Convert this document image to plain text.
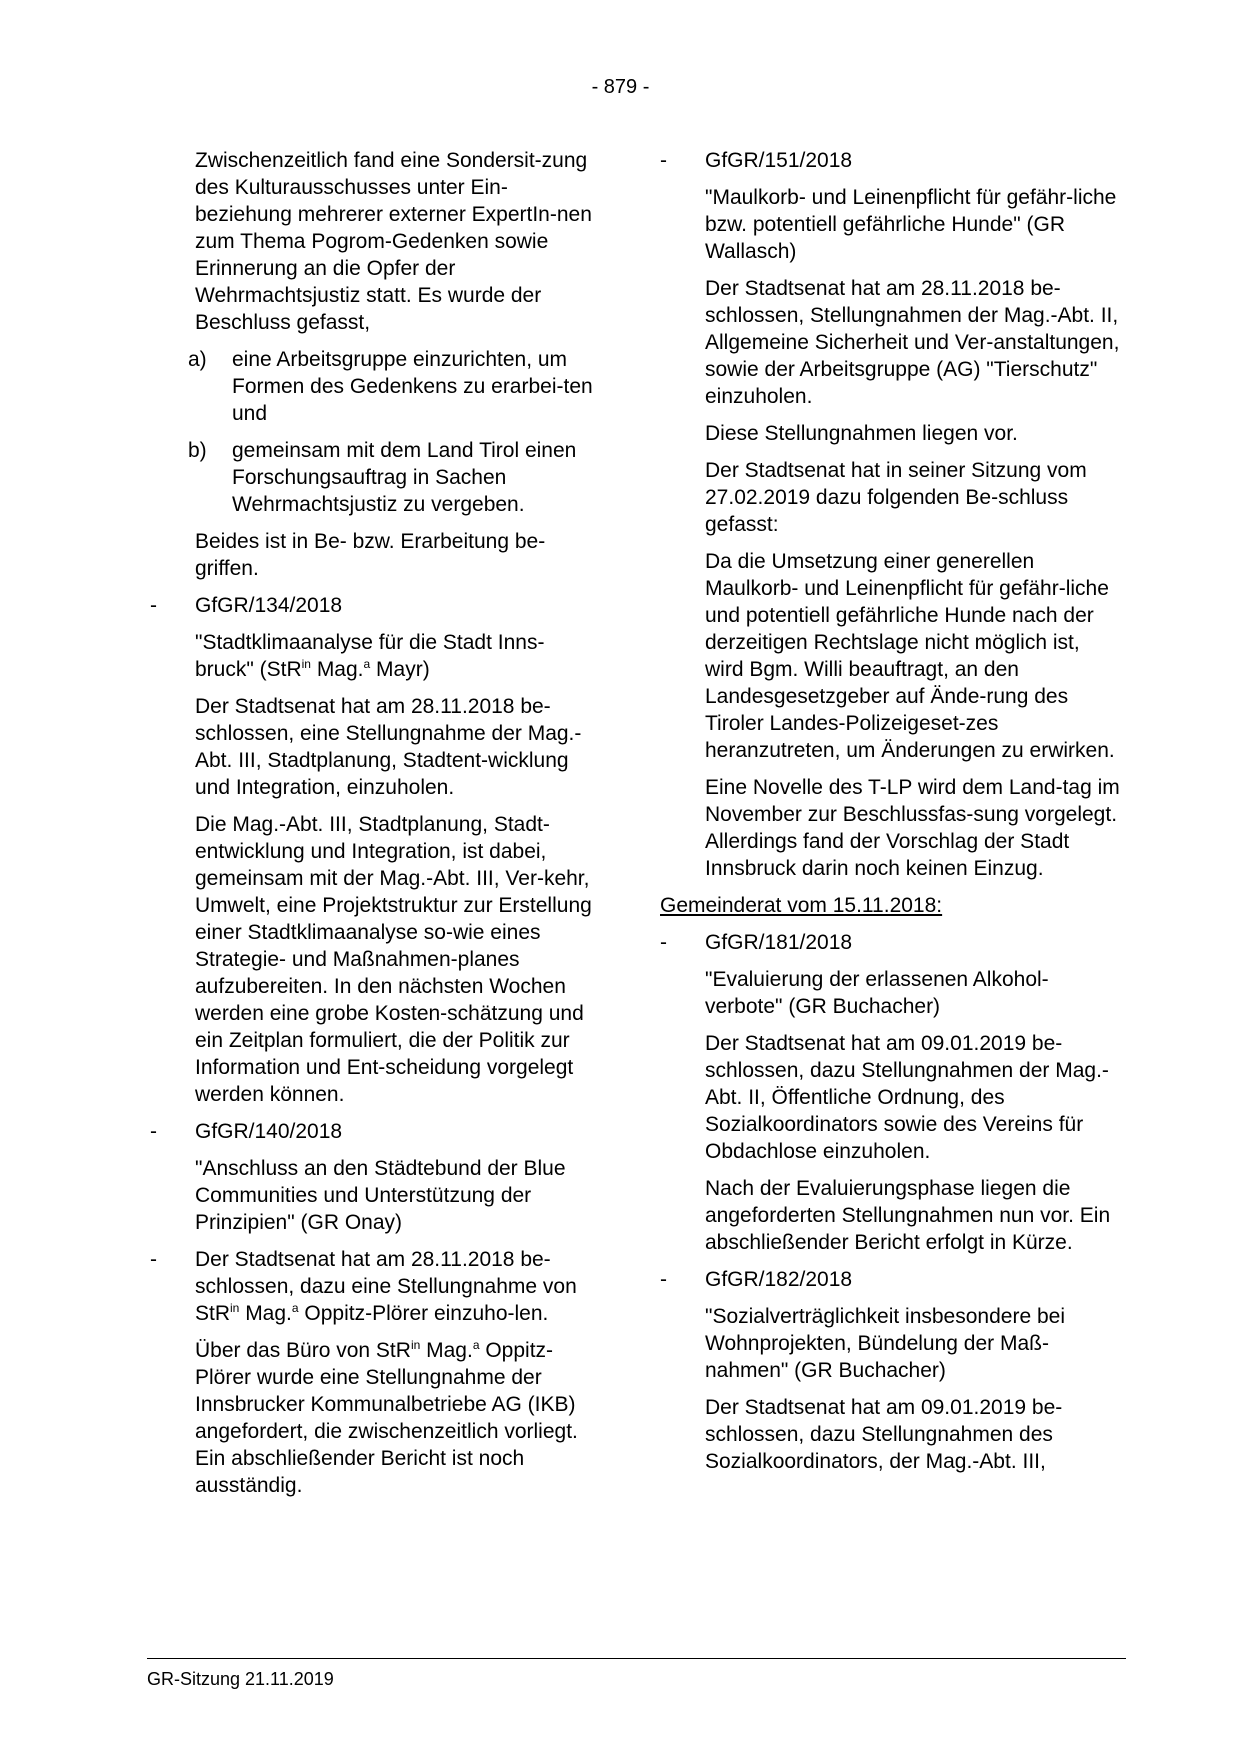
- 879 -

Zwischenzeitlich fand eine Sondersit-zung des Kulturausschusses unter Ein-beziehung mehrerer externer ExpertIn-nen zum Thema Pogrom-Gedenken sowie Erinnerung an die Opfer der Wehrmachtsjustiz statt. Es wurde der Beschluss gefasst,

a) eine Arbeitsgruppe einzurichten, um Formen des Gedenkens zu erarbei-ten und
b) gemeinsam mit dem Land Tirol einen Forschungsauftrag in Sachen Wehrmachtsjustiz zu vergeben.

Beides ist in Be- bzw. Erarbeitung be-griffen.

- GfGR/134/2018

"Stadtklimaanalyse für die Stadt Inns-bruck" (StR$^{in}$ Mag.$^a$ Mayr)

Der Stadtsenat hat am 28.11.2018 be-schlossen, eine Stellungnahme der Mag.-Abt. III, Stadtplanung, Stadtent-wicklung und Integration, einzuholen.

Die Mag.-Abt. III, Stadtplanung, Stadt-entwicklung und Integration, ist dabei, gemeinsam mit der Mag.-Abt. III, Ver-kehr, Umwelt, eine Projektstruktur zur Erstellung einer Stadtklimaanalyse so-wie eines Strategie- und Maßnahmen-planes aufzubereiten. In den nächsten Wochen werden eine grobe Kosten-schätzung und ein Zeitplan formuliert, die der Politik zur Information und Ent-scheidung vorgelegt werden können.

- GfGR/140/2018

"Anschluss an den Städtebund der Blue Communities und Unterstützung der Prinzipien" (GR Onay)

- Der Stadtsenat hat am 28.11.2018 be-schlossen, dazu eine Stellungnahme von StR$^{in}$ Mag.$^a$ Oppitz-Plörer einzuho-len.

Über das Büro von StR$^{in}$ Mag.$^a$ Oppitz-Plörer wurde eine Stellungnahme der Innsbrucker Kommunalbetriebe AG (IKB) angefordert, die zwischenzeitlich vorliegt. Ein abschließender Bericht ist noch ausständig.

- GfGR/151/2018

"Maulkorb- und Leinenpflicht für gefähr-liche bzw. potentiell gefährliche Hunde" (GR Wallasch)

Der Stadtsenat hat am 28.11.2018 be-schlossen, Stellungnahmen der Mag.-Abt. II, Allgemeine Sicherheit und Ver-anstaltungen, sowie der Arbeitsgruppe (AG) "Tierschutz" einzuholen.

Diese Stellungnahmen liegen vor.

Der Stadtsenat hat in seiner Sitzung vom 27.02.2019 dazu folgenden Be-schluss gefasst:

Da die Umsetzung einer generellen Maulkorb- und Leinenpflicht für gefähr-liche und potentiell gefährliche Hunde nach der derzeitigen Rechtslage nicht möglich ist, wird Bgm. Willi beauftragt, an den Landesgesetzgeber auf Ände-rung des Tiroler Landes-Polizeigeset-zes heranzutreten, um Änderungen zu erwirken.

Eine Novelle des T-LP wird dem Land-tag im November zur Beschlussfas-sung vorgelegt. Allerdings fand der Vorschlag der Stadt Innsbruck darin noch keinen Einzug.

Gemeinderat vom 15.11.2018:

- GfGR/181/2018

"Evaluierung der erlassenen Alkohol-verbote" (GR Buchacher)

Der Stadtsenat hat am 09.01.2019 be-schlossen, dazu Stellungnahmen der Mag.-Abt. II, Öffentliche Ordnung, des Sozialkoordinators sowie des Vereins für Obdachlose einzuholen.

Nach der Evaluierungsphase liegen die angeforderten Stellungnahmen nun vor. Ein abschließender Bericht erfolgt in Kürze.

- GfGR/182/2018

"Sozialverträglichkeit insbesondere bei Wohnprojekten, Bündelung der Maß-nahmen" (GR Buchacher)

Der Stadtsenat hat am 09.01.2019 be-schlossen, dazu Stellungnahmen des Sozialkoordinators, der Mag.-Abt. III,

GR-Sitzung 21.11.2019
